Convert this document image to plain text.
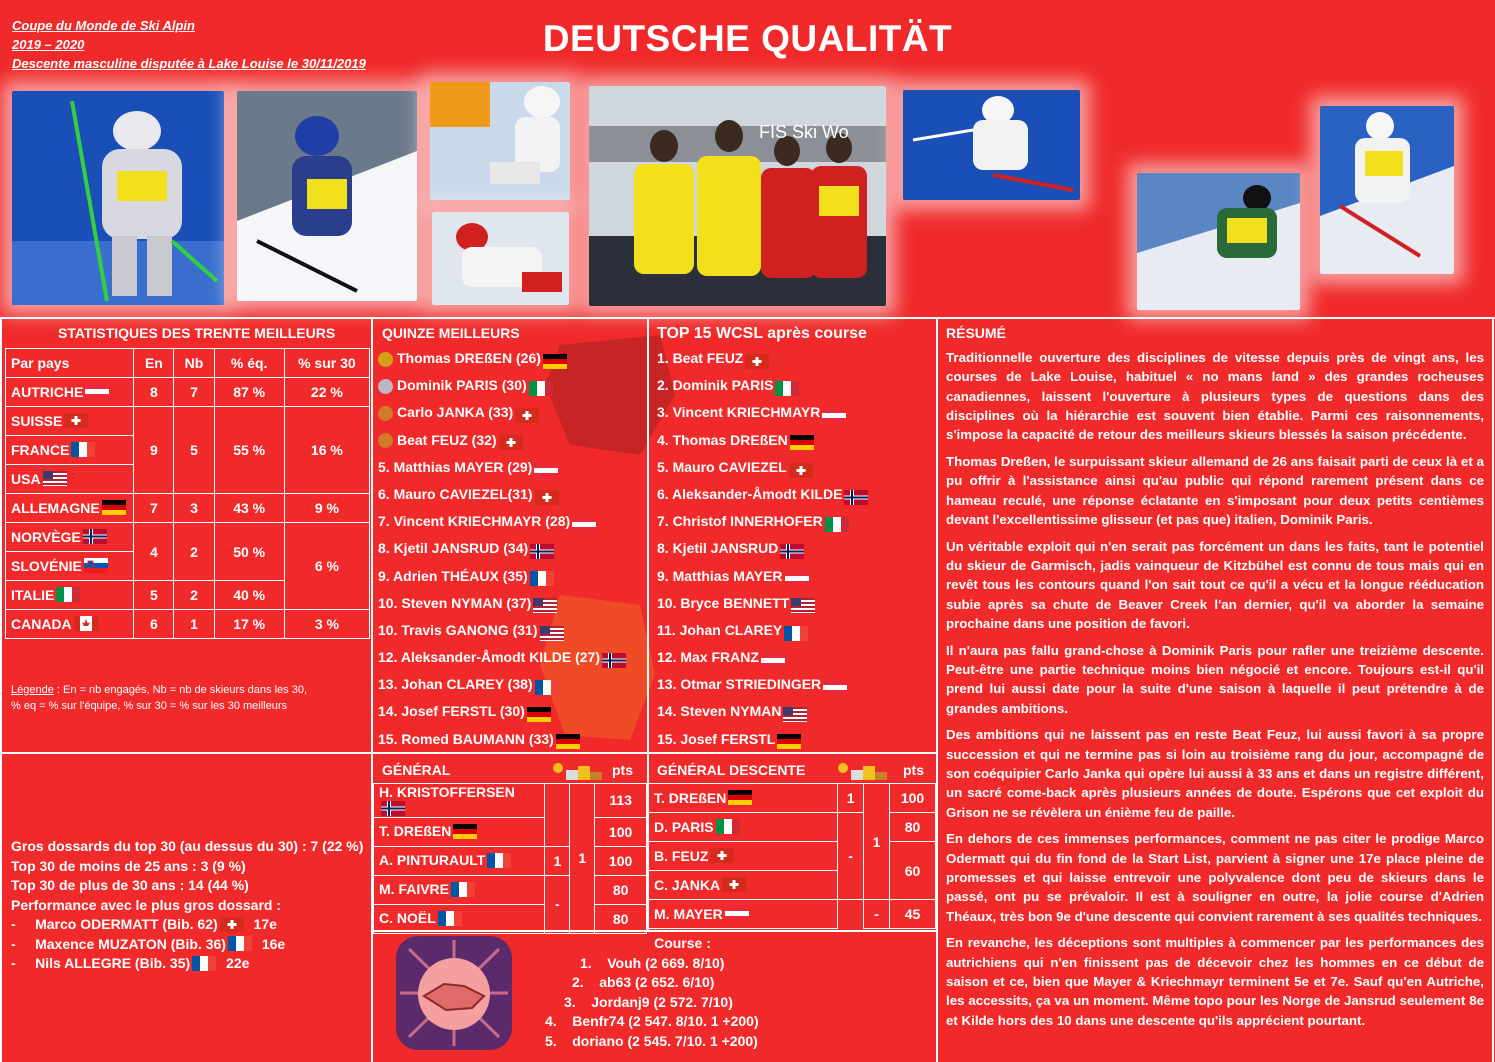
Coupe du Monde de Ski Alpin
2019 – 2020
Descente masculine disputée à Lake Louise le 30/11/2019
DEUTSCHE QUALITÄT
FIS Ski Wo
STATISTIQUES DES TRENTE MEILLEURS
Par pays	En	Nb	% éq.	% sur 30
AUTRICHE	8	7	87 %	22 %
SUISSE	9	5	55 %	16 %
FRANCE				
USA				
ALLEMAGNE	7	3	43 %	9 %
NORVÈGE	4	2	50 %	6 %
SLOVÉNIE				
ITALIE	5	2	40 %	
CANADA	6	1	17 %	3 %
Légende : En = nb engagés, Nb = nb de skieurs dans les 30,
% eq = % sur l'équipe, % sur 30 = % sur les 30 meilleurs
QUINZE MEILLEURS
Thomas DREßEN (26)
Dominik PARIS (30)
Carlo JANKA (33)
Beat FEUZ (32)
5. Matthias MAYER (29)
6. Mauro CAVIEZEL(31)
7. Vincent KRIECHMAYR (28)
8. Kjetil JANSRUD (34)
9. Adrien THÉAUX (35)
10. Steven NYMAN (37)
10. Travis GANONG (31)
12. Aleksander-Åmodt KILDE (27)
13. Johan CLAREY (38)
14. Josef FERSTL (30)
15. Romed BAUMANN (33)
TOP 15 WCSL après course
1. Beat FEUZ
2. Dominik PARIS
3. Vincent KRIECHMAYR
4. Thomas DREßEN
5. Mauro CAVIEZEL
6. Aleksander-Åmodt KILDE
7. Christof INNERHOFER
8. Kjetil JANSRUD
9. Matthias MAYER
10. Bryce BENNETT
11. Johan CLAREY
12. Max FRANZ
13. Otmar STRIEDINGER
14. Steven NYMAN
15. Josef FERSTL
GÉNÉRAL	pts
H. KRISTOFFERSEN		1	113
T. DREßEN			100
A. PINTURAULT	1		100
M. FAIVRE	-		80
C. NOËL			80
GÉNÉRAL DESCENTE	pts
T. DREßEN	1	1	100
D. PARIS	-		80
B. FEUZ			60
C. JANKA			
M. MAYER		-	45
RÉSUMÉ

Traditionnelle ouverture des disciplines de vitesse depuis près de vingt ans, les courses de Lake Louise, habituel « no mans land » des grandes rocheuses canadiennes, laissent l'ouverture à plusieurs types de questions dans des disciplines où la hiérarchie est souvent bien établie. Parmi ces raisonnements, s'impose la capacité de retour des meilleurs skieurs blessés la saison précédente.

Thomas Dreßen, le surpuissant skieur allemand de 26 ans faisait parti de ceux là et a pu offrir à l'assistance ainsi qu'au public qui répond rarement présent dans ce hameau reculé, une réponse éclatante en s'imposant pour deux petits centièmes devant l'excellentissime glisseur (et pas que) italien, Dominik Paris.

Un véritable exploit qui n'en serait pas forcément un dans les faits, tant le potentiel du skieur de Garmisch, jadis vainqueur de Kitzbühel est connu de tous mais qui en revêt tous les contours quand l'on sait tout ce qu'il a vécu et la longue rééducation subie après sa chute de Beaver Creek l'an dernier, qu'il va aborder la semaine prochaine dans une position de favori.

Il n'aura pas fallu grand-chose à Dominik Paris pour rafler une treizième descente. Peut-être une partie technique moins bien négocié et encore. Toujours est-il qu'il prend lui aussi date pour la suite d'une saison à laquelle il peut prétendre à de grandes ambitions.

Des ambitions qui ne laissent pas en reste Beat Feuz, lui aussi favori à sa propre succession et qui ne termine pas si loin au troisième rang du jour, accompagné de son coéquipier Carlo Janka qui opère lui aussi à 33 ans et dans un registre différent, un sacré come-back après plusieurs années de doute. Espérons que cet exploit du Grison ne se révèlera un énième feu de paille.

En dehors de ces immenses performances, comment ne pas citer le prodige Marco Odermatt qui du fin fond de la Start List, parvient à signer une 17e place pleine de promesses et qui laisse entrevoir une polyvalence dont peu de skieurs dans le passé, ont pu se prévaloir. Il est à souligner en outre, la jolie course d'Adrien Théaux, très bon 9e d'une descente qui convient rarement à ses qualités techniques.

En revanche, les déceptions sont multiples à commencer par les performances des autrichiens qui n'en finissent pas de décevoir chez les hommes en ce début de saison et ce, bien que Mayer & Kriechmayr terminent 5e et 7e. Sauf qu'en Autriche, les accessits, ça va un moment. Même topo pour les Norge de Jansrud seulement 8e et Kilde hors des 10 dans une descente qu'ils apprécient pourtant.

Gros dossards du top 30 (au dessus du 30) : 7 (22 %)
Top 30 de moins de 25 ans : 3 (9 %)
Top 30 de plus de 30 ans : 14 (44 %)
Performance avec le plus gros dossard :
-     Marco ODERMATT (Bib. 62) 17e
-     Maxence MUZATON (Bib. 36) 16e
-     Nils ALLEGRE (Bib. 35) 22e
Course :
1.    Vouh (2 669. 8/10)
2.    ab63 (2 652. 6/10)
3.    Jordanj9 (2 572. 7/10)
4.    Benfr74 (2 547. 8/10. 1 +200)
5.    doriano (2 545. 7/10. 1 +200)
